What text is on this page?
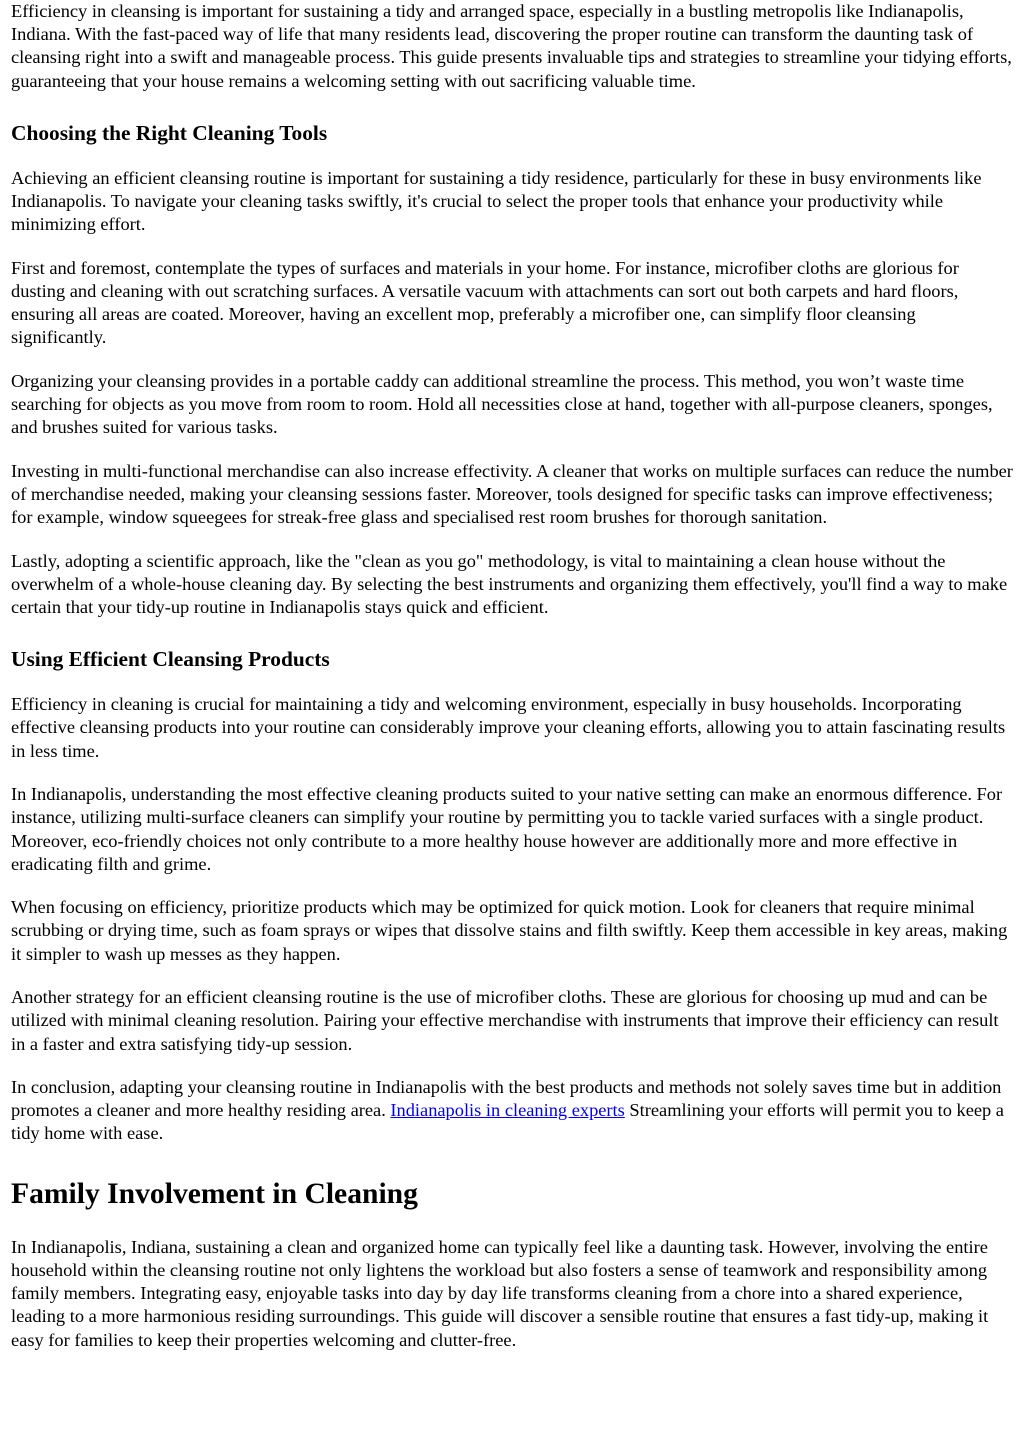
Efficiency in cleansing is important for sustaining a tidy and arranged space, especially in a bustling metropolis like Indianapolis, Indiana. With the fast-paced way of life that many residents lead, discovering the proper routine can transform the daunting task of cleansing right into a swift and manageable process. This guide presents invaluable tips and strategies to streamline your tidying efforts, guaranteeing that your house remains a welcoming setting with out sacrificing valuable time.

Choosing the Right Cleaning Tools

Achieving an efficient cleansing routine is important for sustaining a tidy residence, particularly for these in busy environments like Indianapolis. To navigate your cleaning tasks swiftly, it's crucial to select the proper tools that enhance your productivity while minimizing effort.

First and foremost, contemplate the types of surfaces and materials in your home. For instance, microfiber cloths are glorious for dusting and cleaning with out scratching surfaces. A versatile vacuum with attachments can sort out both carpets and hard floors, ensuring all areas are coated. Moreover, having an excellent mop, preferably a microfiber one, can simplify floor cleansing significantly.

Organizing your cleansing provides in a portable caddy can additional streamline the process. This method, you won’t waste time searching for objects as you move from room to room. Hold all necessities close at hand, together with all-purpose cleaners, sponges, and brushes suited for various tasks.

Investing in multi-functional merchandise can also increase effectivity. A cleaner that works on multiple surfaces can reduce the number of merchandise needed, making your cleansing sessions faster. Moreover, tools designed for specific tasks can improve effectiveness; for example, window squeegees for streak-free glass and specialised rest room brushes for thorough sanitation.

Lastly, adopting a scientific approach, like the "clean as you go" methodology, is vital to maintaining a clean house without the overwhelm of a whole-house cleaning day. By selecting the best instruments and organizing them effectively, you'll find a way to make certain that your tidy-up routine in Indianapolis stays quick and efficient.

Using Efficient Cleansing Products

Efficiency in cleaning is crucial for maintaining a tidy and welcoming environment, especially in busy households. Incorporating effective cleansing products into your routine can considerably improve your cleaning efforts, allowing you to attain fascinating results in less time.

In Indianapolis, understanding the most effective cleaning products suited to your native setting can make an enormous difference. For instance, utilizing multi-surface cleaners can simplify your routine by permitting you to tackle varied surfaces with a single product. Moreover, eco-friendly choices not only contribute to a more healthy house however are additionally more and more effective in eradicating filth and grime.

When focusing on efficiency, prioritize products which may be optimized for quick motion. Look for cleaners that require minimal scrubbing or drying time, such as foam sprays or wipes that dissolve stains and filth swiftly. Keep them accessible in key areas, making it simpler to wash up messes as they happen.

Another strategy for an efficient cleansing routine is the use of microfiber cloths. These are glorious for choosing up mud and can be utilized with minimal cleaning resolution. Pairing your effective merchandise with instruments that improve their efficiency can result in a faster and extra satisfying tidy-up session.

In conclusion, adapting your cleansing routine in Indianapolis with the best products and methods not solely saves time but in addition promotes a cleaner and more healthy residing area. Indianapolis in cleaning experts Streamlining your efforts will permit you to keep a tidy home with ease.

Family Involvement in Cleaning

In Indianapolis, Indiana, sustaining a clean and organized home can typically feel like a daunting task. However, involving the entire household within the cleansing routine not only lightens the workload but also fosters a sense of teamwork and responsibility among family members. Integrating easy, enjoyable tasks into day by day life transforms cleaning from a chore into a shared experience, leading to a more harmonious residing surroundings. This guide will discover a sensible routine that ensures a fast tidy-up, making it easy for families to keep their properties welcoming and clutter-free.
